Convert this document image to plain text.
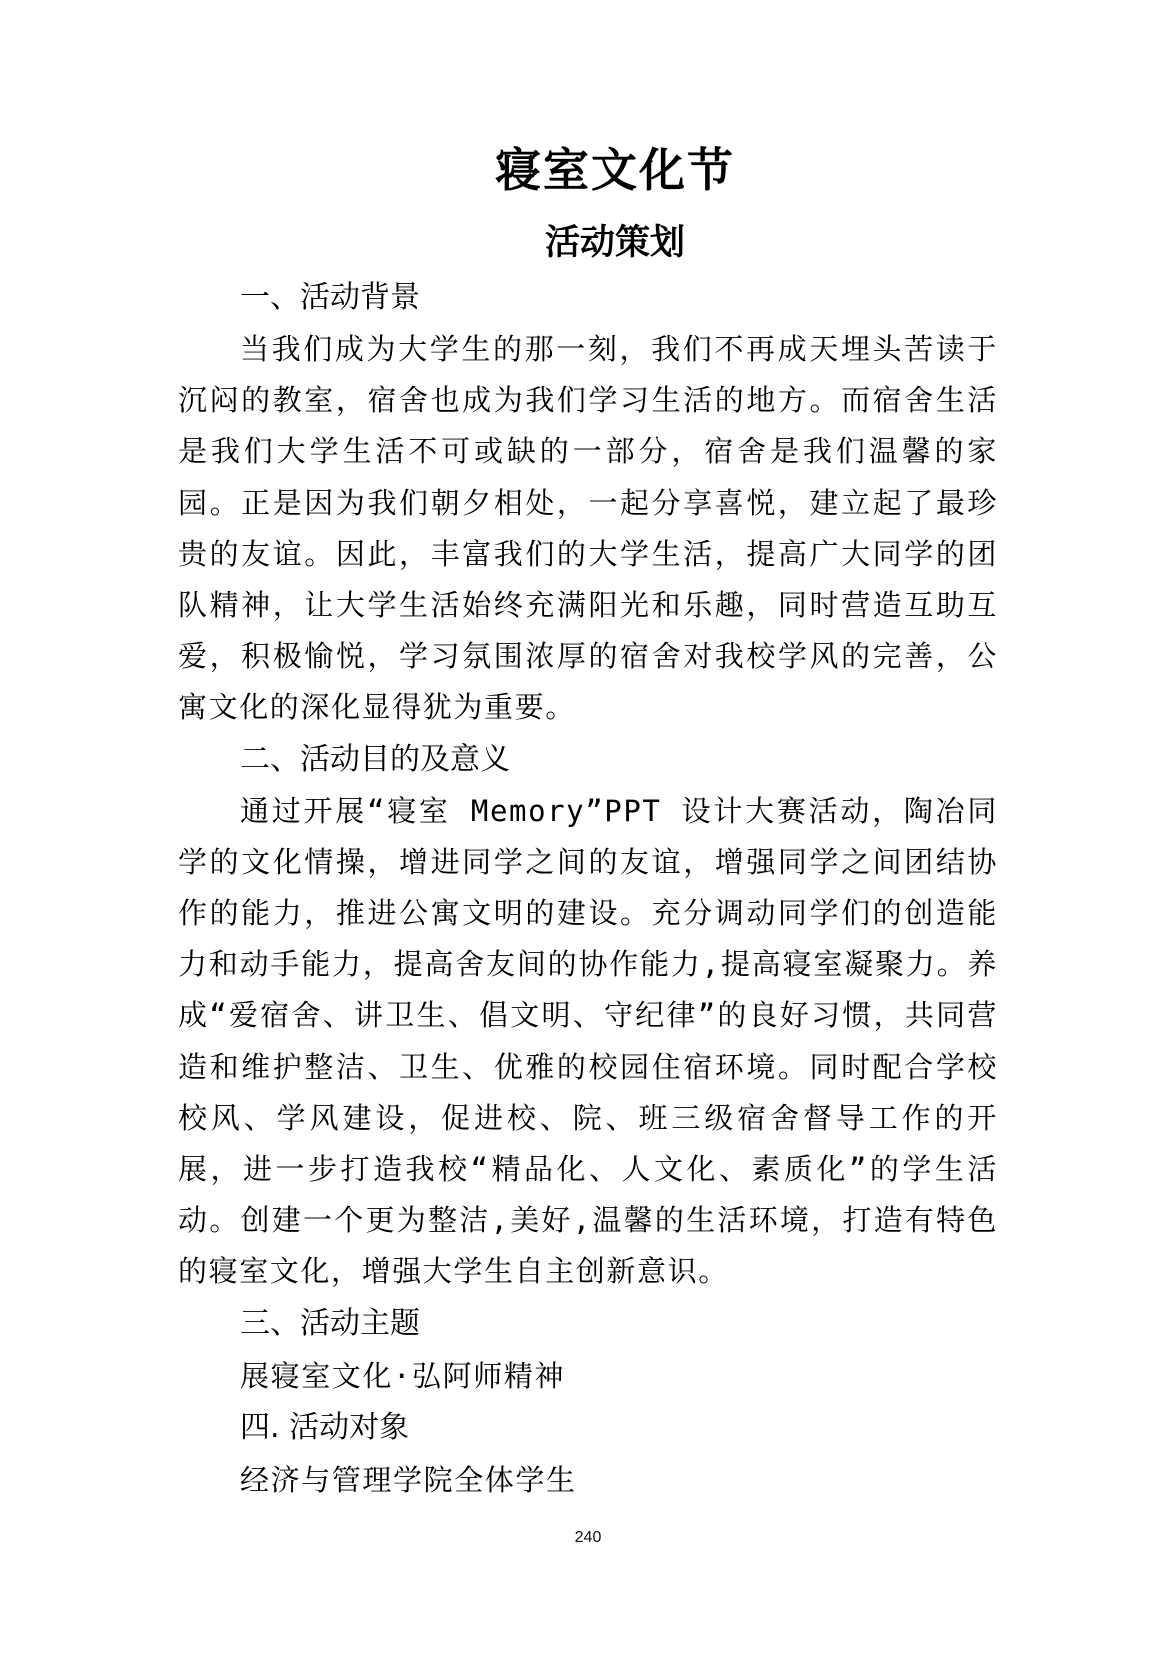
寝室文化节
活动策划
一、活动背景

当我们成为大学生的那一刻，我们不再成天埋头苦读于沉闷的教室，宿舍也成为我们学习生活的地方。而宿舍生活是我们大学生活不可或缺的一部分，宿舍是我们温馨的家园。正是因为我们朝夕相处，一起分享喜悦，建立起了最珍贵的友谊。因此，丰富我们的大学生活，提高广大同学的团队精神，让大学生活始终充满阳光和乐趣，同时营造互助互爱，积极愉悦，学习氛围浓厚的宿舍对我校学风的完善，公寓文化的深化显得犹为重要。

二、活动目的及意义

通过开展“寝室 Memory”PPT 设计大赛活动，陶冶同学的文化情操，增进同学之间的友谊，增强同学之间团结协作的能力，推进公寓文明的建设。充分调动同学们的创造能力和动手能力，提高舍友间的协作能力,提高寝室凝聚力。养成“爱宿舍、讲卫生、倡文明、守纪律”的良好习惯，共同营造和维护整洁、卫生、优雅的校园住宿环境。同时配合学校校风、学风建设，促进校、院、班三级宿舍督导工作的开展，进一步打造我校“精品化、人文化、素质化”的学生活动。创建一个更为整洁,美好,温馨的生活环境，打造有特色的寝室文化，增强大学生自主创新意识。

三、活动主题
展寝室文化·弘阿师精神
四. 活动对象
经济与管理学院全体学生
240
